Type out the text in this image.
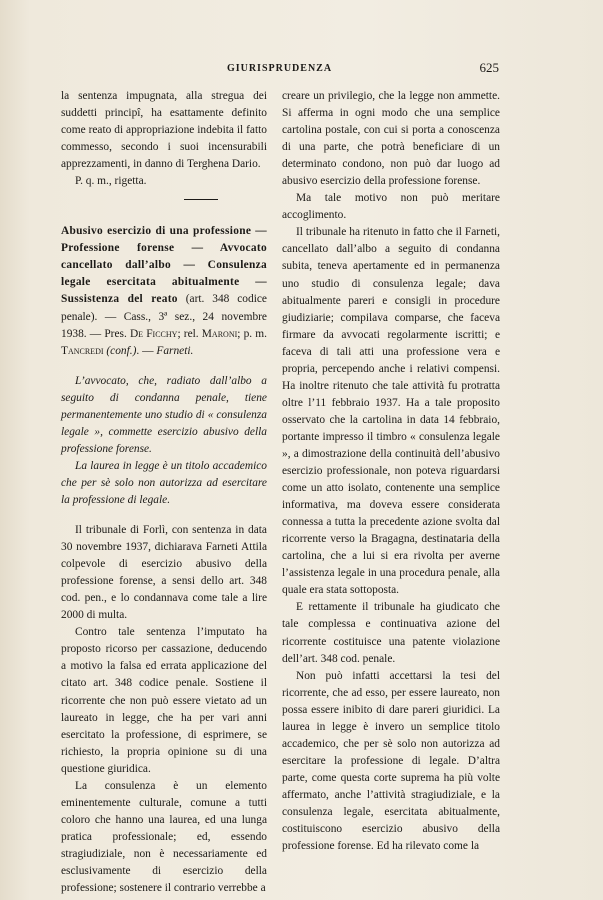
GIURISPRUDENZA	625

la sentenza impugnata, alla stregua dei suddetti principî, ha esattamente definito come reato di appropriazione indebita il fatto commesso, secondo i suoi incensurabili apprezzamenti, in danno di Terghena Dario.

P. q. m., rigetta.

Abusivo esercizio di una professione — Professione forense — Avvocato cancellato dall’albo — Consulenza legale esercitata abitualmente — Sussistenza del reato (art. 348 codice penale). — Cass., 3ª sez., 24 novembre 1938. — Pres. De Ficchy; rel. Maroni; p. m. Tancredi (conf.). — Farneti.

L’avvocato, che, radiato dall’albo a seguito di condanna penale, tiene permanentemente uno studio di « consulenza legale », commette esercizio abusivo della professione forense.

La laurea in legge è un titolo accademico che per sè solo non autorizza ad esercitare la professione di legale.

Il tribunale di Forlì, con sentenza in data 30 novembre 1937, dichiarava Farneti Attila colpevole di esercizio abusivo della professione forense, a sensi dello art. 348 cod. pen., e lo condannava come tale a lire 2000 di multa.

Contro tale sentenza l’imputato ha proposto ricorso per cassazione, deducendo a motivo la falsa ed errata applicazione del citato art. 348 codice penale. Sostiene il ricorrente che non può essere vietato ad un laureato in legge, che ha per vari anni esercitato la professione, di esprimere, se richiesto, la propria opinione su di una questione giuridica.

La consulenza è un elemento eminentemente culturale, comune a tutti coloro che hanno una laurea, ed una lunga pratica professionale; ed, essendo stragiudiziale, non è necessariamente ed esclusivamente di esercizio della professione; sostenere il contrario verrebbe a

creare un privilegio, che la legge non ammette. Si afferma in ogni modo che una semplice cartolina postale, con cui si porta a conoscenza di una parte, che potrà beneficiare di un determinato condono, non può dar luogo ad abusivo esercizio della professione forense.

Ma tale motivo non può meritare accoglimento.

Il tribunale ha ritenuto in fatto che il Farneti, cancellato dall’albo a seguito di condanna subita, teneva apertamente ed in permanenza uno studio di consulenza legale; dava abitualmente pareri e consigli in procedure giudiziarie; compilava comparse, che faceva firmare da avvocati regolarmente iscritti; e faceva di tali atti una professione vera e propria, percependo anche i relativi compensi. Ha inoltre ritenuto che tale attività fu protratta oltre l’11 febbraio 1937. Ha a tale proposito osservato che la cartolina in data 14 febbraio, portante impresso il timbro « consulenza legale », a dimostrazione della continuità dell’abusivo esercizio professionale, non poteva riguardarsi come un atto isolato, contenente una semplice informativa, ma doveva essere considerata connessa a tutta la precedente azione svolta dal ricorrente verso la Bragagna, destinataria della cartolina, che a lui si era rivolta per averne l’assistenza legale in una procedura penale, alla quale era stata sottoposta.

E rettamente il tribunale ha giudicato che tale complessa e continuativa azione del ricorrente costituisce una patente violazione dell’art. 348 cod. penale.

Non può infatti accettarsi la tesi del ricorrente, che ad esso, per essere laureato, non possa essere inibito di dare pareri giuridici. La laurea in legge è invero un semplice titolo accademico, che per sè solo non autorizza ad esercitare la professione di legale. D’altra parte, come questa corte suprema ha più volte affermato, anche l’attività stragiudiziale, e la consulenza legale, esercitata abitualmente, costituiscono esercizio abusivo della professione forense. Ed ha rilevato come la
